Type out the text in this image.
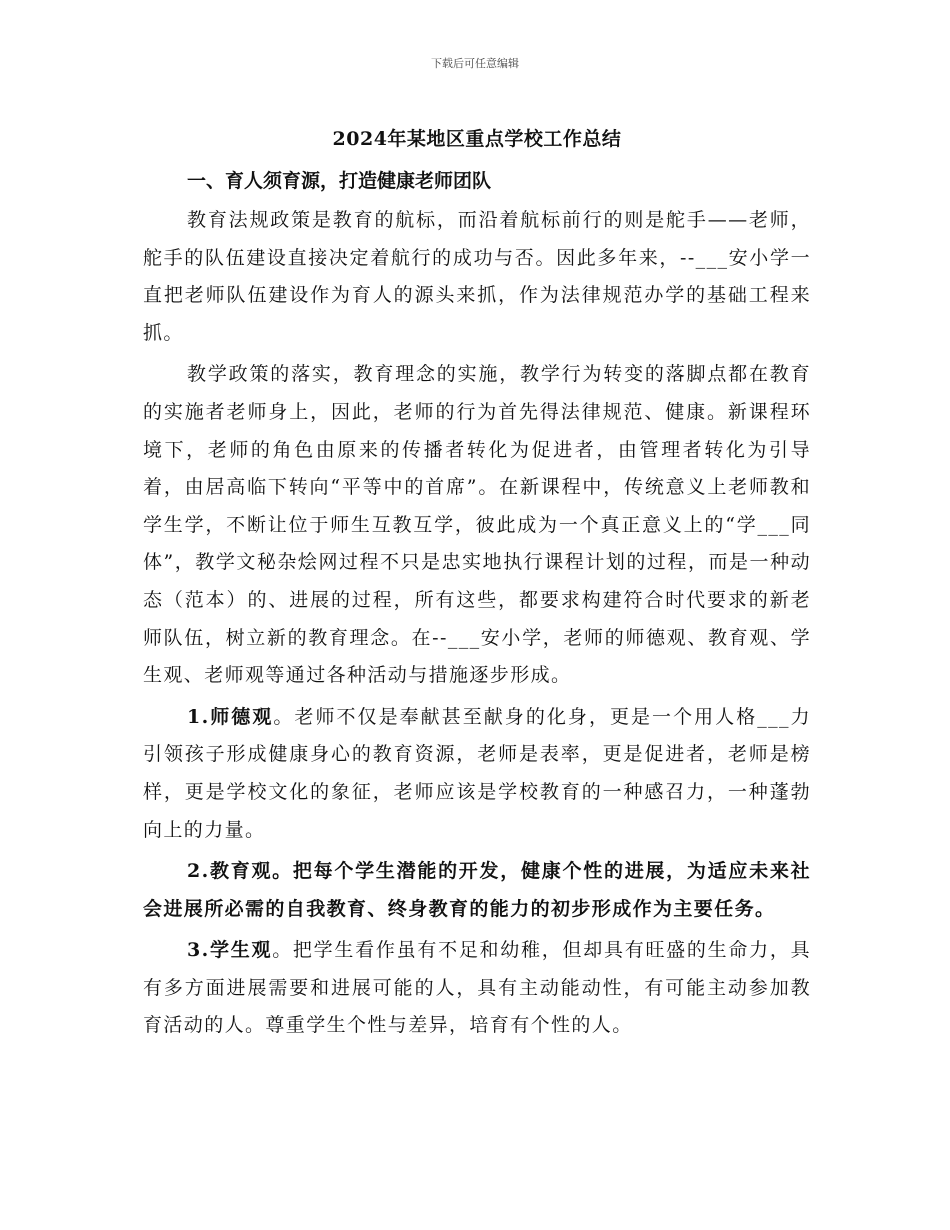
下载后可任意编辑
2024年某地区重点学校工作总结
一、育人须育源，打造健康老师团队

教育法规政策是教育的航标，而沿着航标前行的则是舵手——老师，舵手的队伍建设直接决定着航行的成功与否。因此多年来，--___安小学一直把老师队伍建设作为育人的源头来抓，作为法律规范办学的基础工程来抓。

教学政策的落实，教育理念的实施，教学行为转变的落脚点都在教育的实施者老师身上，因此，老师的行为首先得法律规范、健康。新课程环境下，老师的角色由原来的传播者转化为促进者，由管理者转化为引导着，由居高临下转向“平等中的首席”。在新课程中，传统意义上老师教和学生学，不断让位于师生互教互学，彼此成为一个真正意义上的“学___同体”，教学文秘杂烩网过程不只是忠实地执行课程计划的过程，而是一种动态（范本）的、进展的过程，所有这些，都要求构建符合时代要求的新老师队伍，树立新的教育理念。在--___安小学，老师的师德观、教育观、学生观、老师观等通过各种活动与措施逐步形成。

1.师德观。老师不仅是奉献甚至献身的化身，更是一个用人格___力引领孩子形成健康身心的教育资源，老师是表率，更是促进者，老师是榜样，更是学校文化的象征，老师应该是学校教育的一种感召力，一种蓬勃向上的力量。

2.教育观。把每个学生潜能的开发，健康个性的进展，为适应未来社会进展所必需的自我教育、终身教育的能力的初步形成作为主要任务。

3.学生观。把学生看作虽有不足和幼稚，但却具有旺盛的生命力，具有多方面进展需要和进展可能的人，具有主动能动性，有可能主动参加教育活动的人。尊重学生个性与差异，培育有个性的人。
